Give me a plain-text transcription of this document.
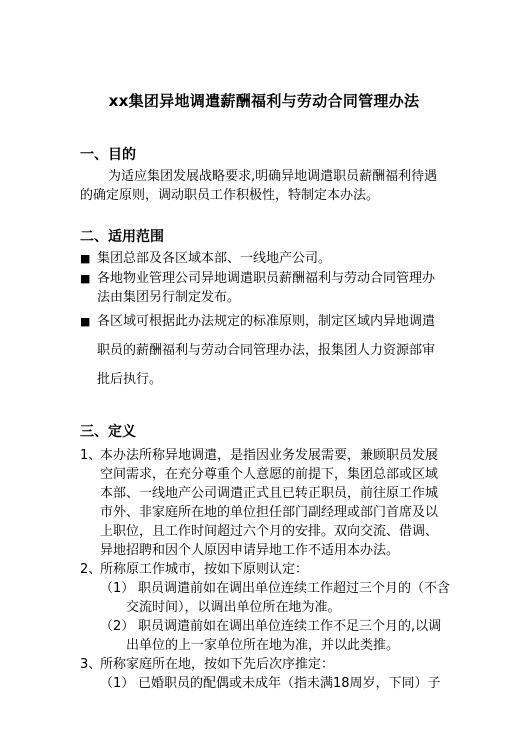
xx集团异地调遣薪酬福利与劳动合同管理办法
一、目的
为适应集团发展战略要求,明确异地调遣职员薪酬福利待遇
的确定原则，调动职员工作积极性，特制定本办法。
二、适用范围
■ 集团总部及各区域本部、一线地产公司。
■ 各地物业管理公司异地调遣职员薪酬福利与劳动合同管理办
法由集团另行制定发布。
■ 各区域可根据此办法规定的标准原则，制定区域内异地调遣
职员的薪酬福利与劳动合同管理办法，报集团人力资源部审
批后执行。
三、定义
1、
本办法所称异地调遣，是指因业务发展需要，兼顾职员发展
空间需求，在充分尊重个人意愿的前提下，集团总部或区域
本部、一线地产公司调遣正式且已转正职员，前往原工作城
市外、非家庭所在地的单位担任部门副经理或部门首席及以
上职位，且工作时间超过六个月的安排。双向交流、借调、
异地招聘和因个人原因申请异地工作不适用本办法。
2、
所称原工作城市，按如下原则认定：
（1） 职员调遣前如在调出单位连续工作超过三个月的（不含
交流时间），以调出单位所在地为准。
（2） 职员调遣前如在调出单位连续工作不足三个月的,以调
出单位的上一家单位所在地为准，并以此类推。
3、
所称家庭所在地，按如下先后次序推定：
（1） 已婚职员的配偶或未成年（指未满18周岁，下同）子
